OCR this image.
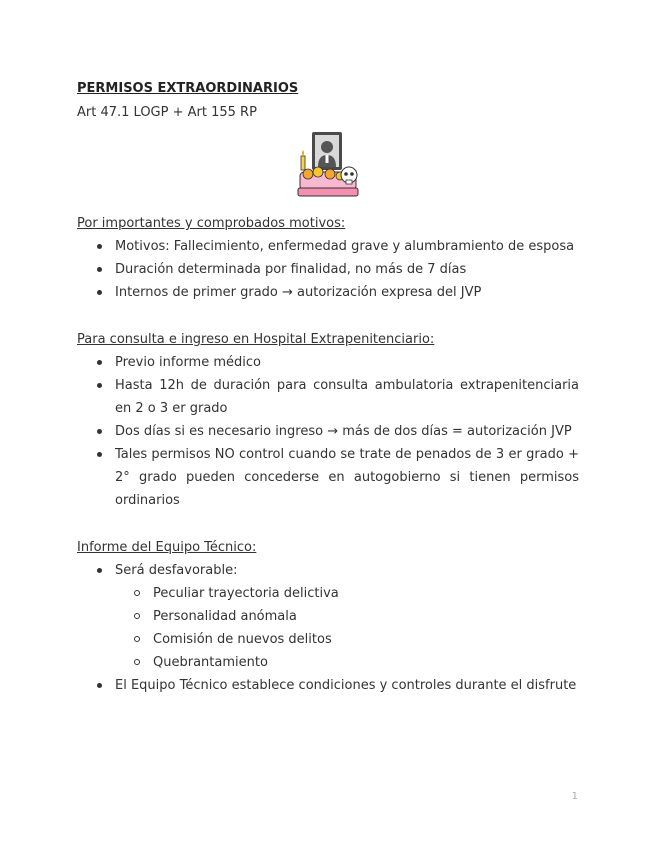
PERMISOS EXTRAORDINARIOS

Art 47.1 LOGP + Art 155 RP

Por importantes y comprobados motivos:

Motivos: Fallecimiento, enfermedad grave y alumbramiento de esposa
Duración determinada por finalidad, no más de 7 días
Internos de primer grado → autorización expresa del JVP

Para consulta e ingreso en Hospital Extrapenitenciario:

Previo informe médico
Hasta 12h de duración para consulta ambulatoria extrapenitenciaria en 2 o 3 er grado
Dos días si es necesario ingreso → más de dos días = autorización JVP
Tales permisos NO control cuando se trate de penados de 3 er grado + 2° grado pueden concederse en autogobierno si tienen permisos ordinarios

Informe del Equipo Técnico:

Será desfavorable:
Peculiar trayectoria delictiva
Personalidad anómala
Comisión de nuevos delitos
Quebrantamiento
El Equipo Técnico establece condiciones y controles durante el disfrute
1
